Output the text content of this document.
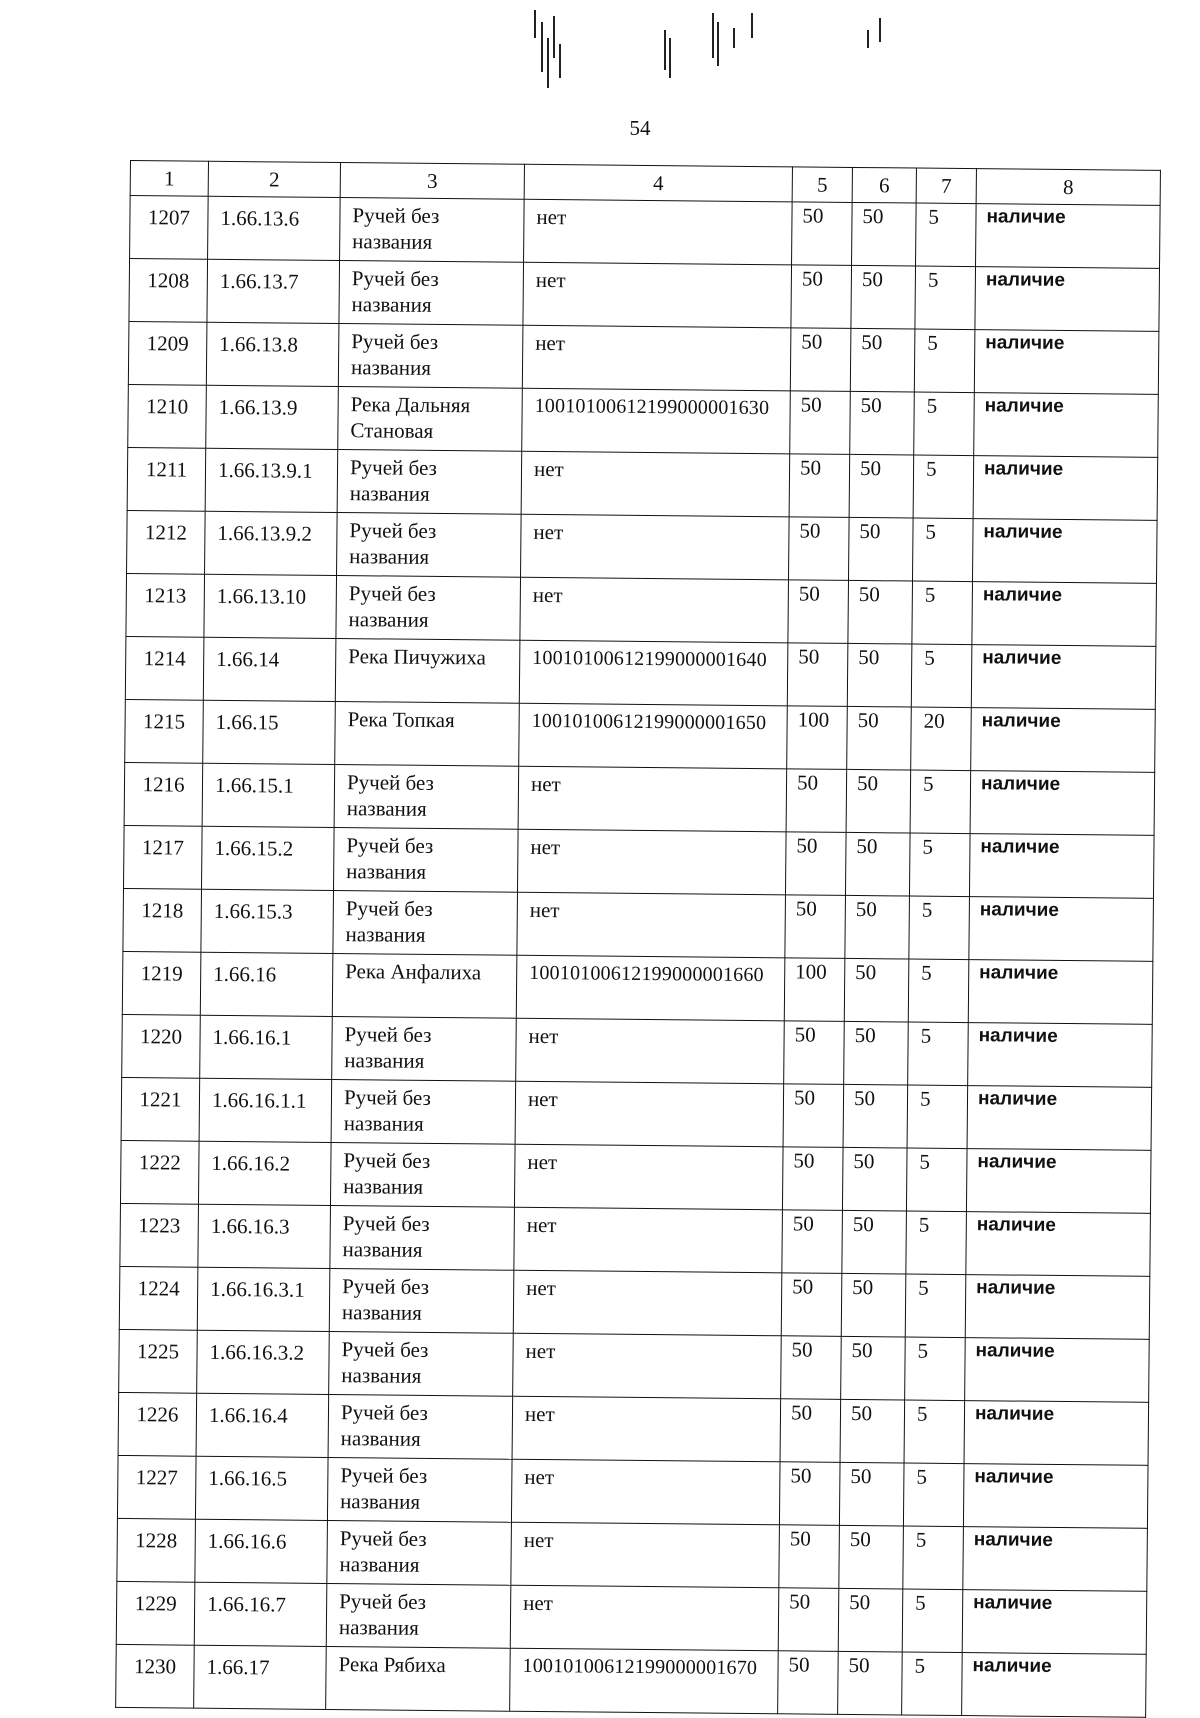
54
1	2	3	4	5	6	7	8
1207	1.66.13.6	Ручей без названия	нет	50	50	5	наличие
1208	1.66.13.7	Ручей без названия	нет	50	50	5	наличие
1209	1.66.13.8	Ручей без названия	нет	50	50	5	наличие
1210	1.66.13.9	Река Дальняя Становая	10010100612199000001630	50	50	5	наличие
1211	1.66.13.9.1	Ручей без названия	нет	50	50	5	наличие
1212	1.66.13.9.2	Ручей без названия	нет	50	50	5	наличие
1213	1.66.13.10	Ручей без названия	нет	50	50	5	наличие
1214	1.66.14	Река Пичужиха	10010100612199000001640	50	50	5	наличие
1215	1.66.15	Река Топкая	10010100612199000001650	100	50	20	наличие
1216	1.66.15.1	Ручей без названия	нет	50	50	5	наличие
1217	1.66.15.2	Ручей без названия	нет	50	50	5	наличие
1218	1.66.15.3	Ручей без названия	нет	50	50	5	наличие
1219	1.66.16	Река Анфалиха	10010100612199000001660	100	50	5	наличие
1220	1.66.16.1	Ручей без названия	нет	50	50	5	наличие
1221	1.66.16.1.1	Ручей без названия	нет	50	50	5	наличие
1222	1.66.16.2	Ручей без названия	нет	50	50	5	наличие
1223	1.66.16.3	Ручей без названия	нет	50	50	5	наличие
1224	1.66.16.3.1	Ручей без названия	нет	50	50	5	наличие
1225	1.66.16.3.2	Ручей без названия	нет	50	50	5	наличие
1226	1.66.16.4	Ручей без названия	нет	50	50	5	наличие
1227	1.66.16.5	Ручей без названия	нет	50	50	5	наличие
1228	1.66.16.6	Ручей без названия	нет	50	50	5	наличие
1229	1.66.16.7	Ручей без названия	нет	50	50	5	наличие
1230	1.66.17	Река Рябиха	10010100612199000001670	50	50	5	наличие
